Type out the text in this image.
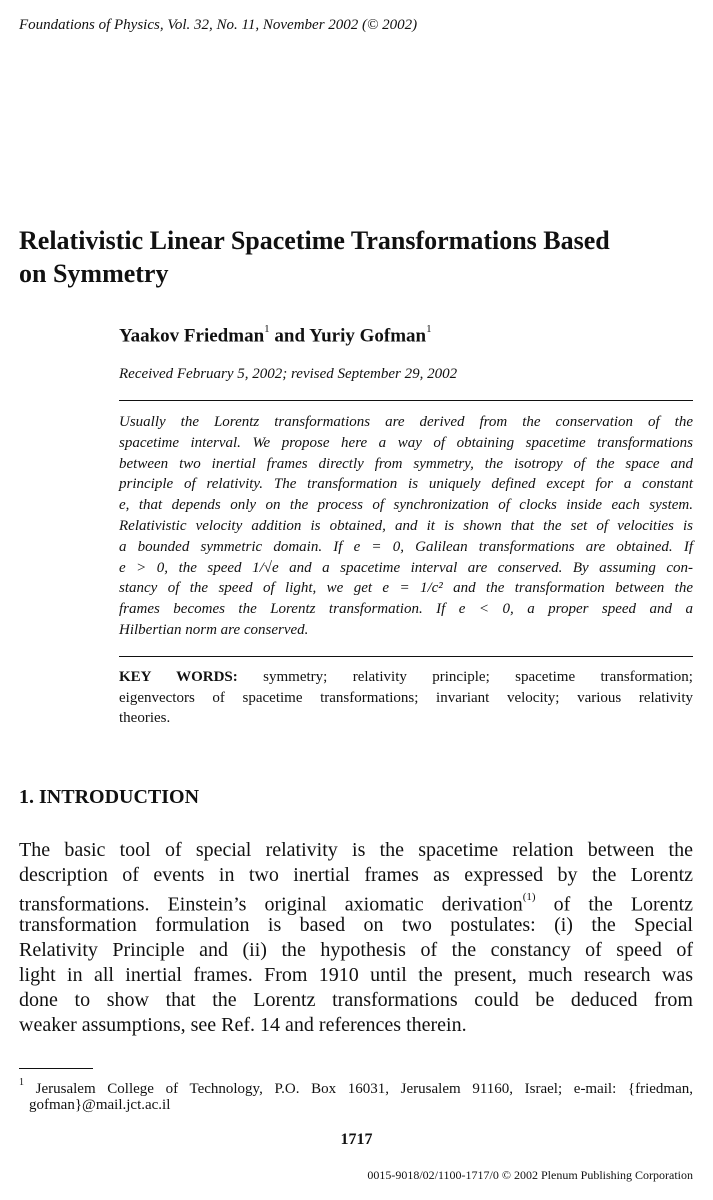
Foundations of Physics, Vol. 32, No. 11, November 2002 (© 2002)
Relativistic Linear Spacetime Transformations Based
on Symmetry
Yaakov Friedman$^1$ and Yuriy Gofman$^1$
Received February 5, 2002; revised September 29, 2002
Usually the Lorentz transformations are derived from the conservation of the
spacetime interval. We propose here a way of obtaining spacetime transformations
between two inertial frames directly from symmetry, the isotropy of the space and
principle of relativity. The transformation is uniquely defined except for a constant
e, that depends only on the process of synchronization of clocks inside each system.
Relativistic velocity addition is obtained, and it is shown that the set of velocities is
a bounded symmetric domain. If e = 0, Galilean transformations are obtained. If
e > 0, the speed 1/√e and a spacetime interval are conserved. By assuming con-
stancy of the speed of light, we get e = 1/c² and the transformation between the
frames becomes the Lorentz transformation. If e < 0, a proper speed and a
Hilbertian norm are conserved.
KEY WORDS: symmetry; relativity principle; spacetime transformation;
eigenvectors of spacetime transformations; invariant velocity; various relativity
theories.
1. INTRODUCTION
The basic tool of special relativity is the spacetime relation between the
description of events in two inertial frames as expressed by the Lorentz
transformations. Einstein’s original axiomatic derivation$^{(1)}$ of the Lorentz
transformation formulation is based on two postulates: (i) the Special
Relativity Principle and (ii) the hypothesis of the constancy of speed of
light in all inertial frames. From 1910 until the present, much research was
done to show that the Lorentz transformations could be deduced from
weaker assumptions, see Ref. 14 and references therein.
$^1$ Jerusalem College of Technology, P.O. Box 16031, Jerusalem 91160, Israel; e-mail: {friedman,
gofman}@mail.jct.ac.il
1717
0015-9018/02/1100-1717/0 © 2002 Plenum Publishing Corporation
